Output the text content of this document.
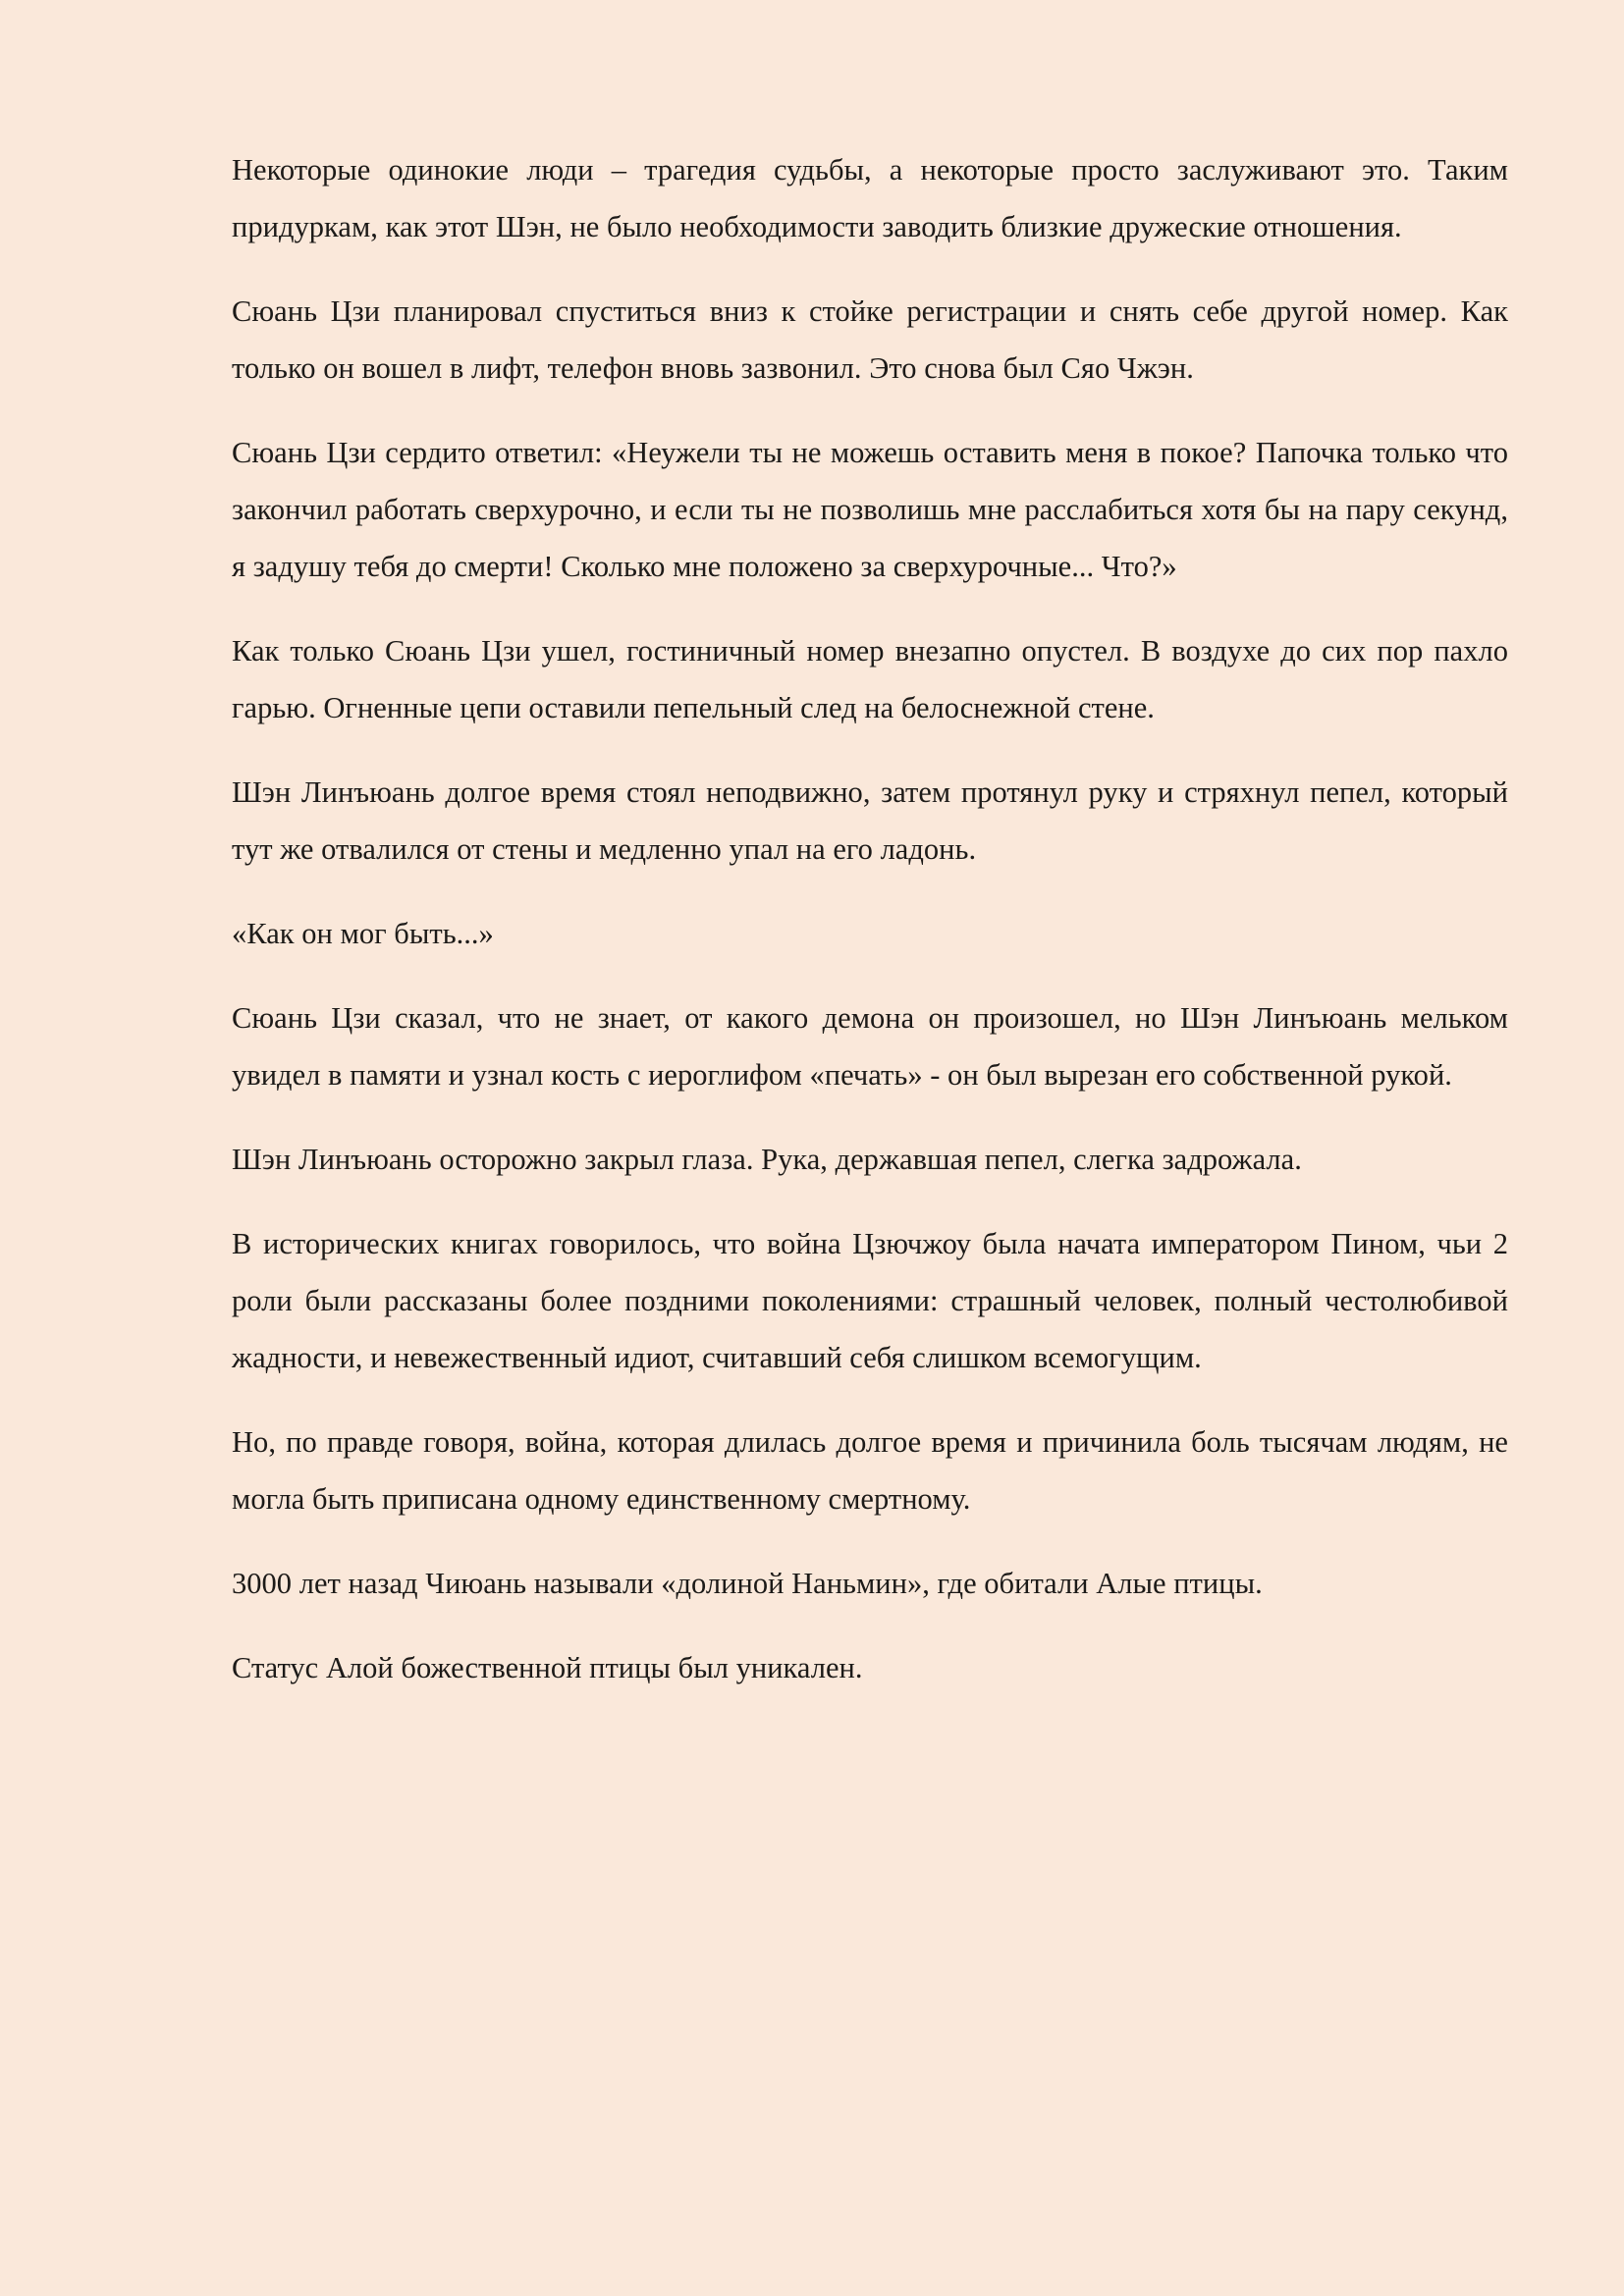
Некоторые одинокие люди – трагедия судьбы, а некоторые просто заслуживают это. Таким придуркам, как этот Шэн, не было необходимости заводить близкие дружеские отношения.

Сюань Цзи планировал спуститься вниз к стойке регистрации и снять себе другой номер. Как только он вошел в лифт, телефон вновь зазвонил. Это снова был Сяо Чжэн.

Сюань Цзи сердито ответил: «Неужели ты не можешь оставить меня в покое? Папочка только что закончил работать сверхурочно, и если ты не позволишь мне расслабиться хотя бы на пару секунд, я задушу тебя до смерти! Сколько мне положено за сверхурочные... Что?»

Как только Сюань Цзи ушел, гостиничный номер внезапно опустел. В воздухе до сих пор пахло гарью. Огненные цепи оставили пепельный след на белоснежной стене.

Шэн Линъюань долгое время стоял неподвижно, затем протянул руку и стряхнул пепел, который тут же отвалился от стены и медленно упал на его ладонь.

«Как он мог быть...»

Сюань Цзи сказал, что не знает, от какого демона он произошел, но Шэн Линъюань мельком увидел в памяти и узнал кость с иероглифом «печать» - он был вырезан его собственной рукой.

Шэн Линъюань осторожно закрыл глаза. Рука, державшая пепел, слегка задрожала.

В исторических книгах говорилось, что война Цзючжоу была начата императором Пином, чьи 2 роли были рассказаны более поздними поколениями: страшный человек, полный честолюбивой жадности, и невежественный идиот, считавший себя слишком всемогущим.

Но, по правде говоря, война, которая длилась долгое время и причинила боль тысячам людям, не могла быть приписана одному единственному смертному.

3000 лет назад Чиюань называли «долиной Наньмин», где обитали Алые птицы.

Статус Алой божественной птицы был уникален.
